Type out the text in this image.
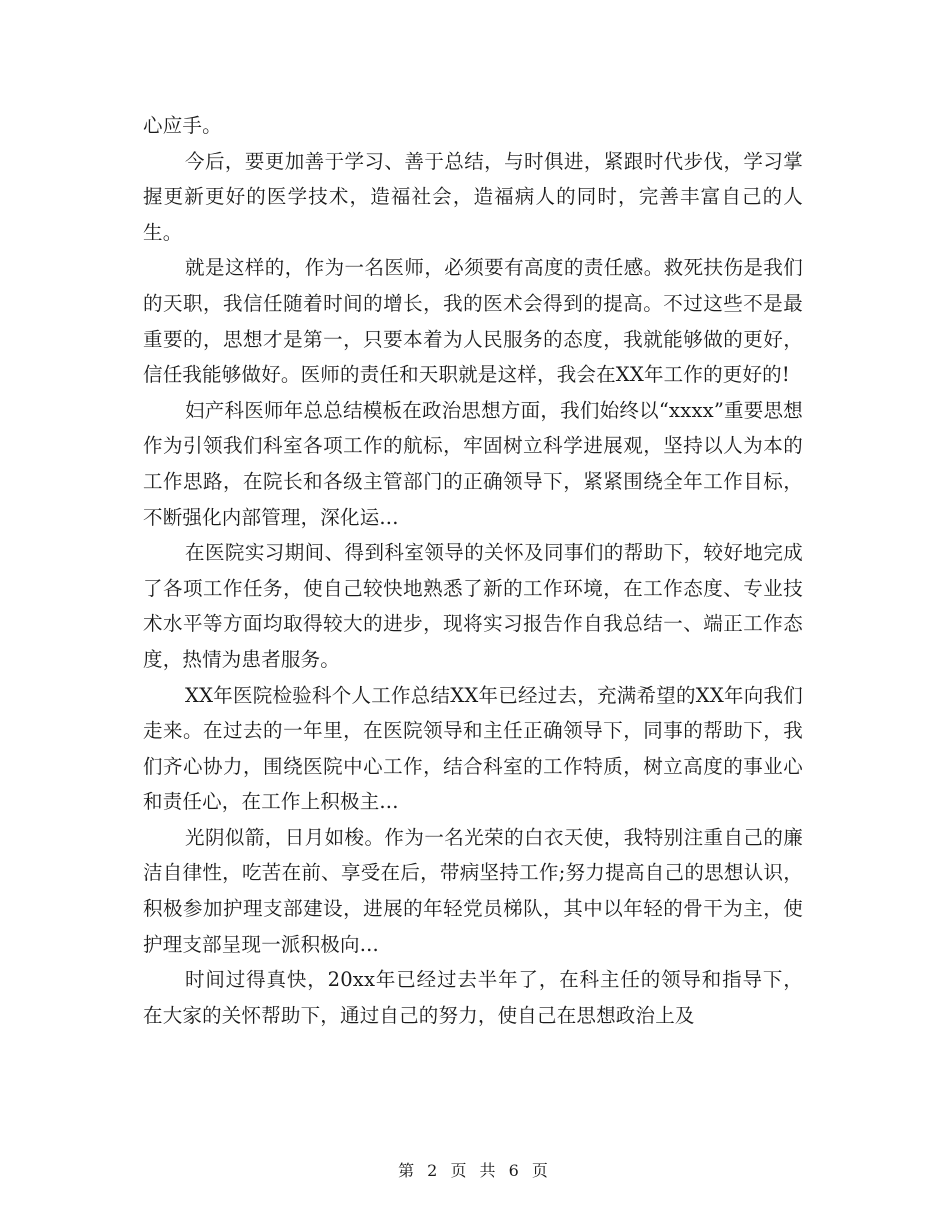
心应手。

今后，要更加善于学习、善于总结，与时俱进，紧跟时代步伐，学习掌握更新更好的医学技术，造福社会，造福病人的同时，完善丰富自己的人生。

就是这样的，作为一名医师，必须要有高度的责任感。救死扶伤是我们的天职，我信任随着时间的增长，我的医术会得到的提高。不过这些不是最重要的，思想才是第一，只要本着为人民服务的态度，我就能够做的更好，信任我能够做好。医师的责任和天职就是这样，我会在XX年工作的更好的!

妇产科医师年总总结模板在政治思想方面，我们始终以“xxxx”重要思想作为引领我们科室各项工作的航标，牢固树立科学进展观，坚持以人为本的工作思路，在院长和各级主管部门的正确领导下，紧紧围绕全年工作目标，不断强化内部管理，深化运...

在医院实习期间、得到科室领导的关怀及同事们的帮助下，较好地完成了各项工作任务，使自己较快地熟悉了新的工作环境，在工作态度、专业技术水平等方面均取得较大的进步，现将实习报告作自我总结一、端正工作态度，热情为患者服务。

XX年医院检验科个人工作总结XX年已经过去，充满希望的XX年向我们走来。在过去的一年里，在医院领导和主任正确领导下，同事的帮助下，我们齐心协力，围绕医院中心工作，结合科室的工作特质，树立高度的事业心和责任心，在工作上积极主...

光阴似箭，日月如梭。作为一名光荣的白衣天使，我特别注重自己的廉洁自律性，吃苦在前、享受在后，带病坚持工作;努力提高自己的思想认识，积极参加护理支部建设，进展的年轻党员梯队，其中以年轻的骨干为主，使护理支部呈现一派积极向...

时间过得真快，20xx年已经过去半年了，在科主任的领导和指导下，在大家的关怀帮助下，通过自己的努力，使自己在思想政治上及

第 2 页 共 6 页
